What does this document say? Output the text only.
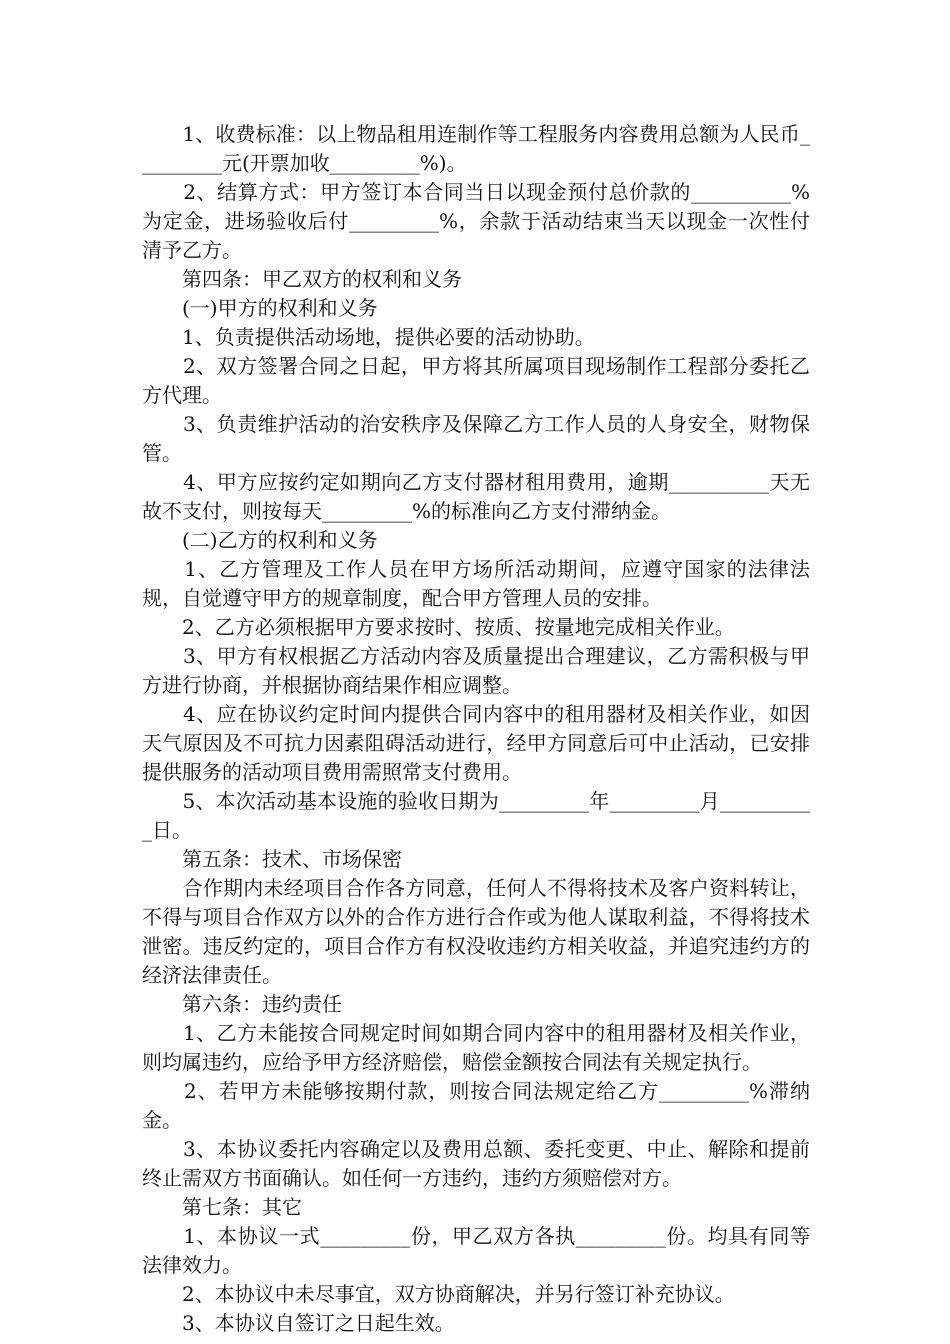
　　1、收费标准：以上物品租用连制作等工程服务内容费用总额为人民币_________元(开票加收_________%)。

　　2、结算方式：甲方签订本合同当日以现金预付总价款的__________%为定金，进场验收后付_________%，余款于活动结束当天以现金一次性付清予乙方。

　　第四条：甲乙双方的权利和义务

　　(一)甲方的权利和义务

　　1、负责提供活动场地，提供必要的活动协助。

　　2、双方签署合同之日起，甲方将其所属项目现场制作工程部分委托乙方代理。

　　3、负责维护活动的治安秩序及保障乙方工作人员的人身安全，财物保管。

　　4、甲方应按约定如期向乙方支付器材租用费用，逾期__________天无故不支付，则按每天_________%的标准向乙方支付滞纳金。

　　(二)乙方的权利和义务

　　1、乙方管理及工作人员在甲方场所活动期间，应遵守国家的法律法规，自觉遵守甲方的规章制度，配合甲方管理人员的安排。

　　2、乙方必须根据甲方要求按时、按质、按量地完成相关作业。

　　3、甲方有权根据乙方活动内容及质量提出合理建议，乙方需积极与甲方进行协商，并根据协商结果作相应调整。

　　4、应在协议约定时间内提供合同内容中的租用器材及相关作业，如因天气原因及不可抗力因素阻碍活动进行，经甲方同意后可中止活动，已安排提供服务的活动项目费用需照常支付费用。

　　5、本次活动基本设施的验收日期为_________年_________月__________日。

　　第五条：技术、市场保密

　　合作期内未经项目合作各方同意，任何人不得将技术及客户资料转让，不得与项目合作双方以外的合作方进行合作或为他人谋取利益，不得将技术泄密。违反约定的，项目合作方有权没收违约方相关收益，并追究违约方的经济法律责任。

　　第六条：违约责任

　　1、乙方未能按合同规定时间如期合同内容中的租用器材及相关作业，则均属违约，应给予甲方经济赔偿，赔偿金额按合同法有关规定执行。

　　2、若甲方未能够按期付款，则按合同法规定给乙方_________%滞纳金。

　　3、本协议委托内容确定以及费用总额、委托变更、中止、解除和提前终止需双方书面确认。如任何一方违约，违约方须赔偿对方。

　　第七条：其它

　　1、本协议一式_________份，甲乙双方各执_________份。均具有同等法律效力。

　　2、本协议中未尽事宜，双方协商解决，并另行签订补充协议。

　　3、本协议自签订之日起生效。
